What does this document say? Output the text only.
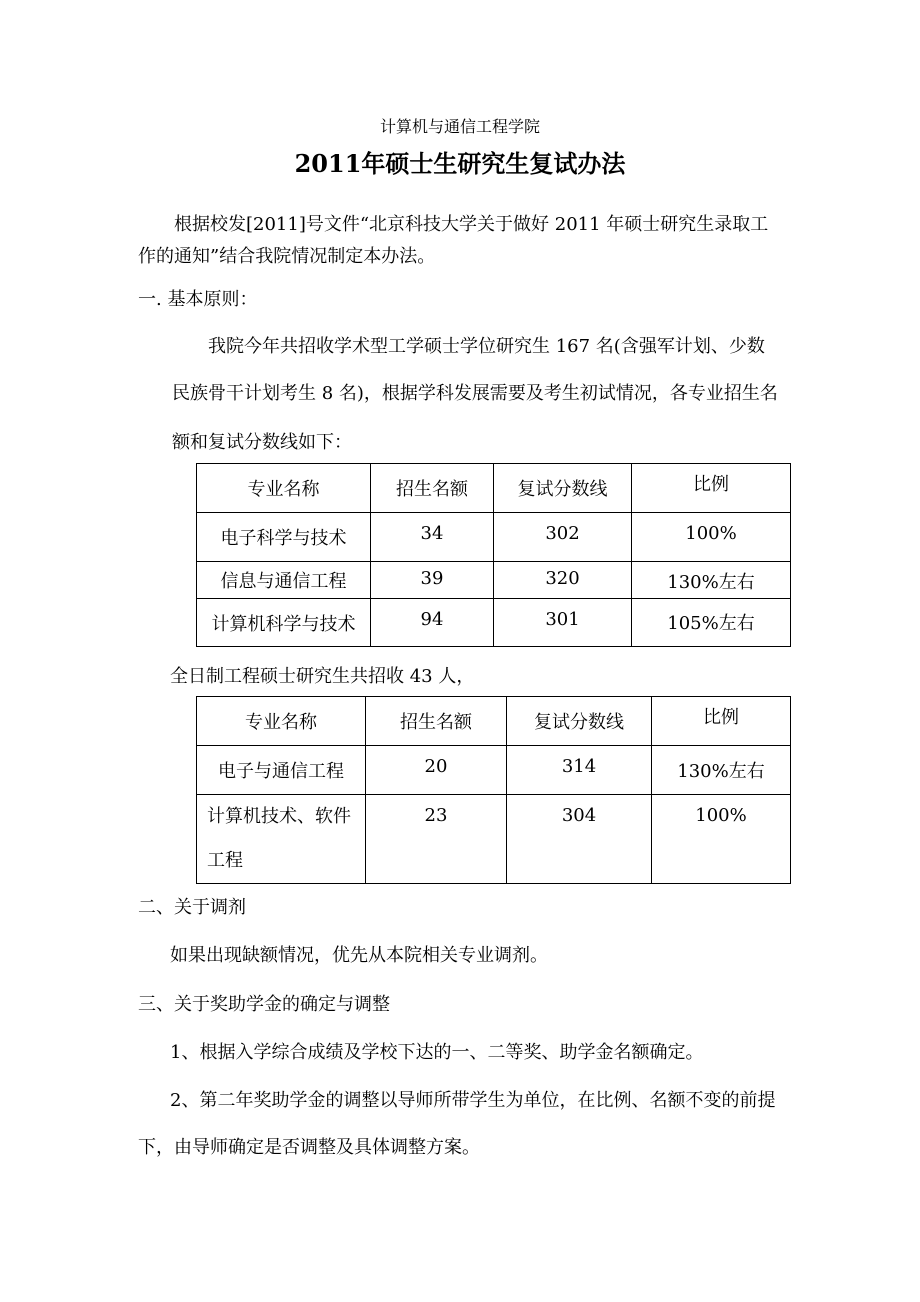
计算机与通信工程学院
2011年硕士生研究生复试办法
根据校发[2011]号文件“北京科技大学关于做好 2011 年硕士研究生录取工
作的通知”结合我院情况制定本办法。
一. 基本原则：
我院今年共招收学术型工学硕士学位研究生 167 名(含强军计划、少数
民族骨干计划考生 8 名)，根据学科发展需要及考生初试情况，各专业招生名
额和复试分数线如下：
专业名称	招生名额	复试分数线	比例
电子科学与技术	34	302	100%
信息与通信工程	39	320	130%左右
计算机科学与技术	94	301	105%左右
全日制工程硕士研究生共招收 43 人，
专业名称	招生名额	复试分数线	比例
电子与通信工程	20	314	130%左右

计算机技术、软件
工程	23	304	100%
二、关于调剂
如果出现缺额情况，优先从本院相关专业调剂。
三、关于奖助学金的确定与调整
1、根据入学综合成绩及学校下达的一、二等奖、助学金名额确定。
2、第二年奖助学金的调整以导师所带学生为单位，在比例、名额不变的前提
下，由导师确定是否调整及具体调整方案。
